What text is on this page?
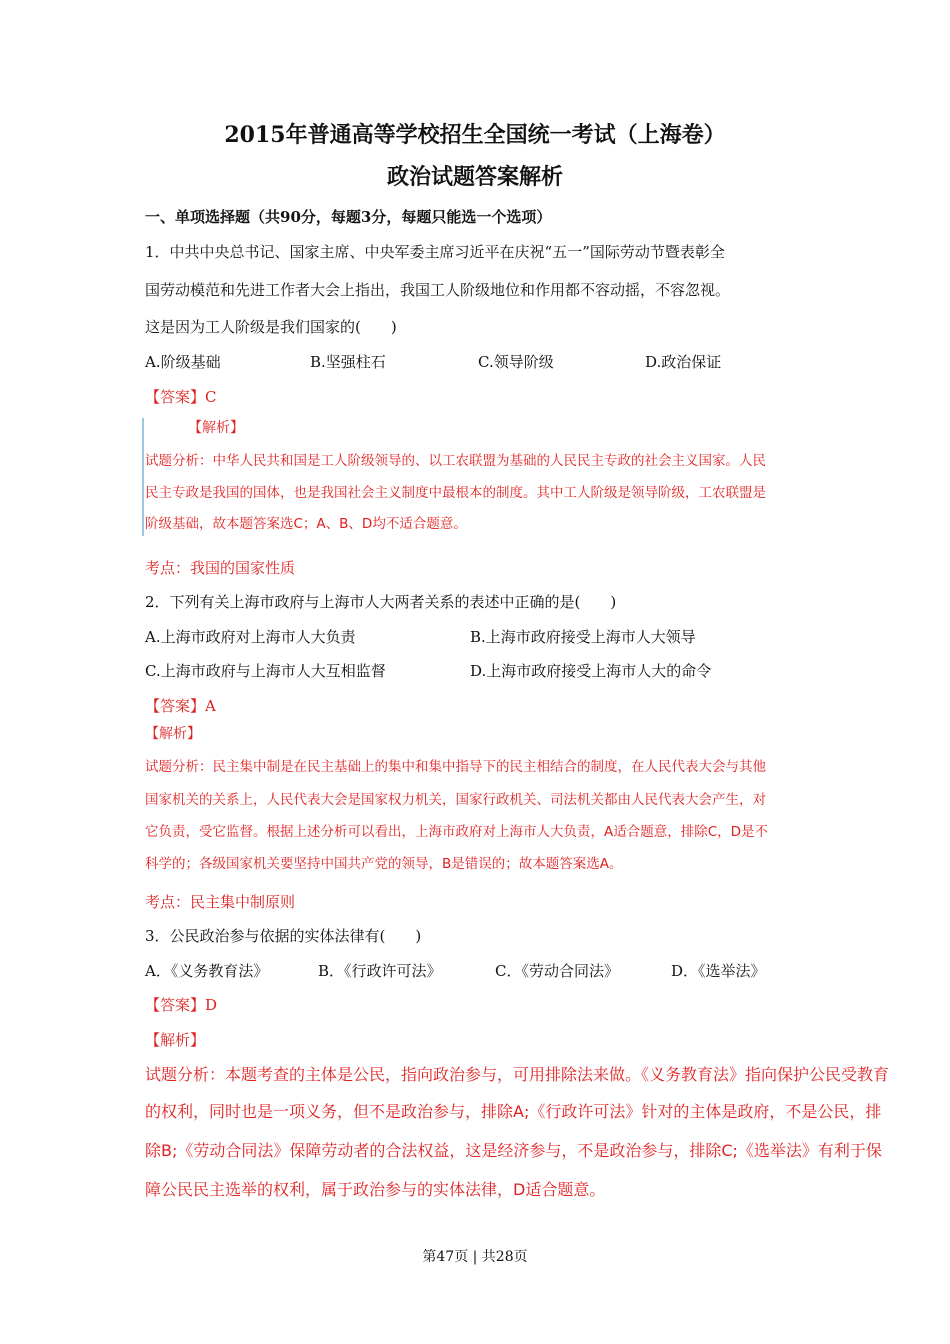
2015年普通高等学校招生全国统一考试（上海卷）
政治试题答案解析
一、单项选择题（共90分，每题3分，每题只能选一个选项）
1．中共中央总书记、国家主席、中央军委主席习近平在庆祝“五一”国际劳动节暨表彰全
国劳动模范和先进工作者大会上指出，我国工人阶级地位和作用都不容动摇，不容忽视。
这是因为工人阶级是我们国家的(　　)
A.阶级基础	B.坚强柱石	C.领导阶级	D.政治保证
【答案】C
【解析】
试题分析：中华人民共和国是工人阶级领导的、以工农联盟为基础的人民民主专政的社会主义国家。人民
民主专政是我国的国体，也是我国社会主义制度中最根本的制度。其中工人阶级是领导阶级，工农联盟是
阶级基础，故本题答案选C；A、B、D均不适合题意。
考点：我国的国家性质
2．下列有关上海市政府与上海市人大两者关系的表述中正确的是(　　)
A.上海市政府对上海市人大负责	B.上海市政府接受上海市人大领导
C.上海市政府与上海市人大互相监督	D.上海市政府接受上海市人大的命令
【答案】A
【解析】
试题分析：民主集中制是在民主基础上的集中和集中指导下的民主相结合的制度，在人民代表大会与其他
国家机关的关系上，人民代表大会是国家权力机关，国家行政机关、司法机关都由人民代表大会产生，对
它负责，受它监督。根据上述分析可以看出，上海市政府对上海市人大负责，A适合题意，排除C，D是不
科学的；各级国家机关要坚持中国共产党的领导，B是错误的；故本题答案选A。
考点：民主集中制原则
3．公民政治参与依据的实体法律有(　　)
A．《义务教育法》	B．《行政许可法》	C．《劳动合同法》	D．《选举法》
【答案】D
【解析】
试题分析：本题考查的主体是公民，指向政治参与，可用排除法来做。《义务教育法》指向保护公民受教育
的权利，同时也是一项义务，但不是政治参与，排除A;《行政许可法》针对的主体是政府，不是公民，排
除B;《劳动合同法》保障劳动者的合法权益，这是经济参与，不是政治参与，排除C;《选举法》有利于保
障公民民主选举的权利，属于政治参与的实体法律，D适合题意。
第47页 | 共28页
